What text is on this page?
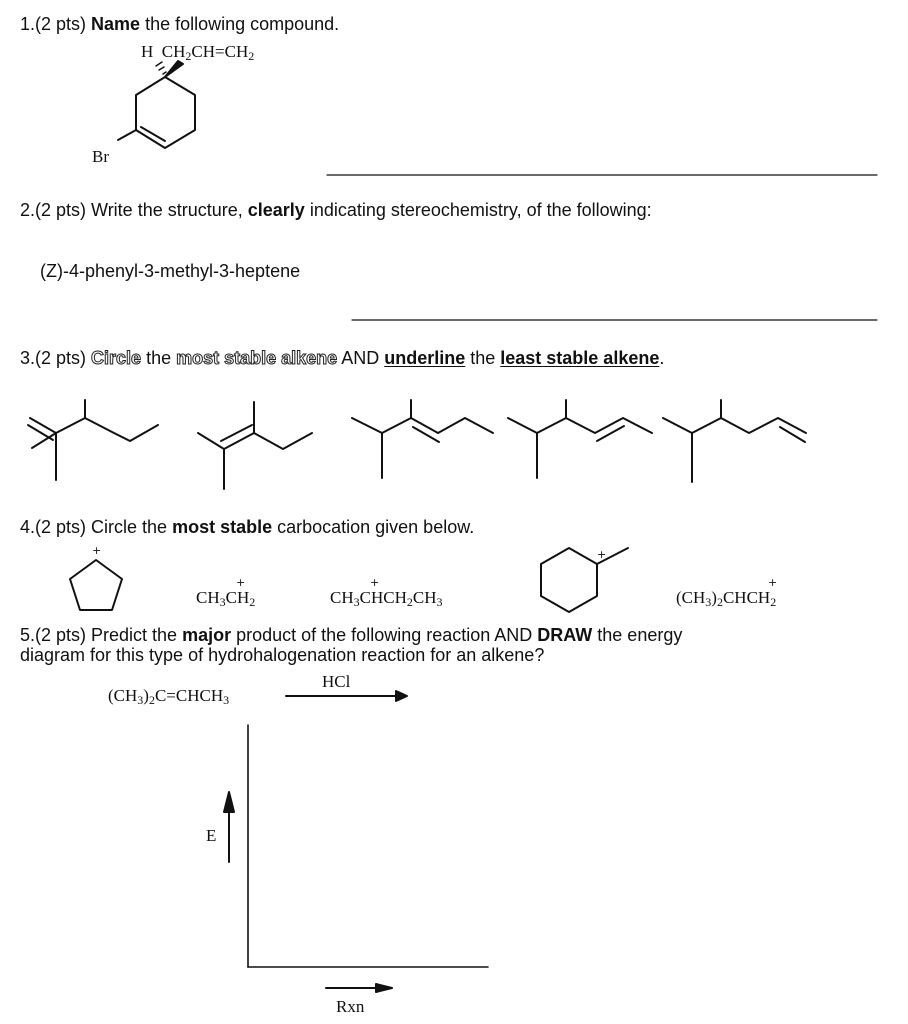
1.(2 pts) Name the following compound.
H $CH_2CH=CH_2$
Br
2.(2 pts) Write the structure, clearly indicating stereochemistry, of the following:
(Z)-4-phenyl-3-methyl-3-heptene
3.(2 pts) Circle the most stable alkene AND underline the least stable alkene.
4.(2 pts) Circle the most stable carbocation given below.
+
$CH_3CH_2$
+
$CH_3CHCH_2CH_3$
+
+
$(CH_3)_2CHCH_2$
+
5.(2 pts) Predict the major product of the following reaction AND DRAW the energy
diagram for this type of hydrohalogenation reaction for an alkene?
HCl
$(CH_3)_2C=CHCH_3$
E
Rxn
